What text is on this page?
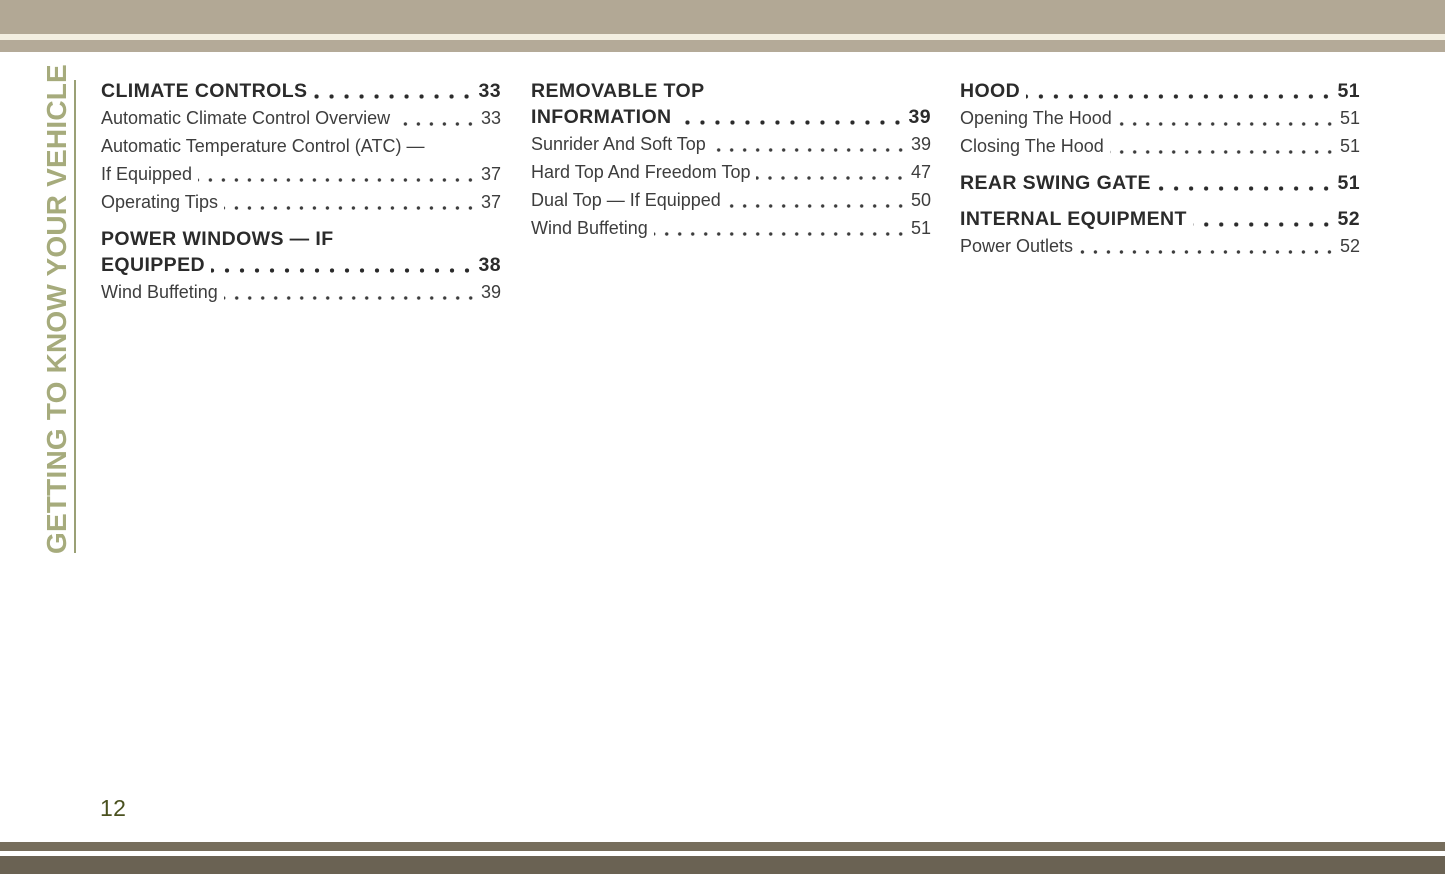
GETTING TO KNOW YOUR VEHICLE CLIMATE CONTROLS	33
Automatic Climate Control Overview	33
Automatic Temperature Control (ATC) —
If Equipped	37
Operating Tips	37
POWER WINDOWS — IF
EQUIPPED	38
Wind Buffeting	39
REMOVABLE TOP
INFORMATION	39
Sunrider And Soft Top	39
Hard Top And Freedom Top	47
Dual Top — If Equipped	50
Wind Buffeting	51
HOOD	51
Opening The Hood	51
Closing The Hood	51
REAR SWING GATE	51
INTERNAL EQUIPMENT	52
Power Outlets	52
12
